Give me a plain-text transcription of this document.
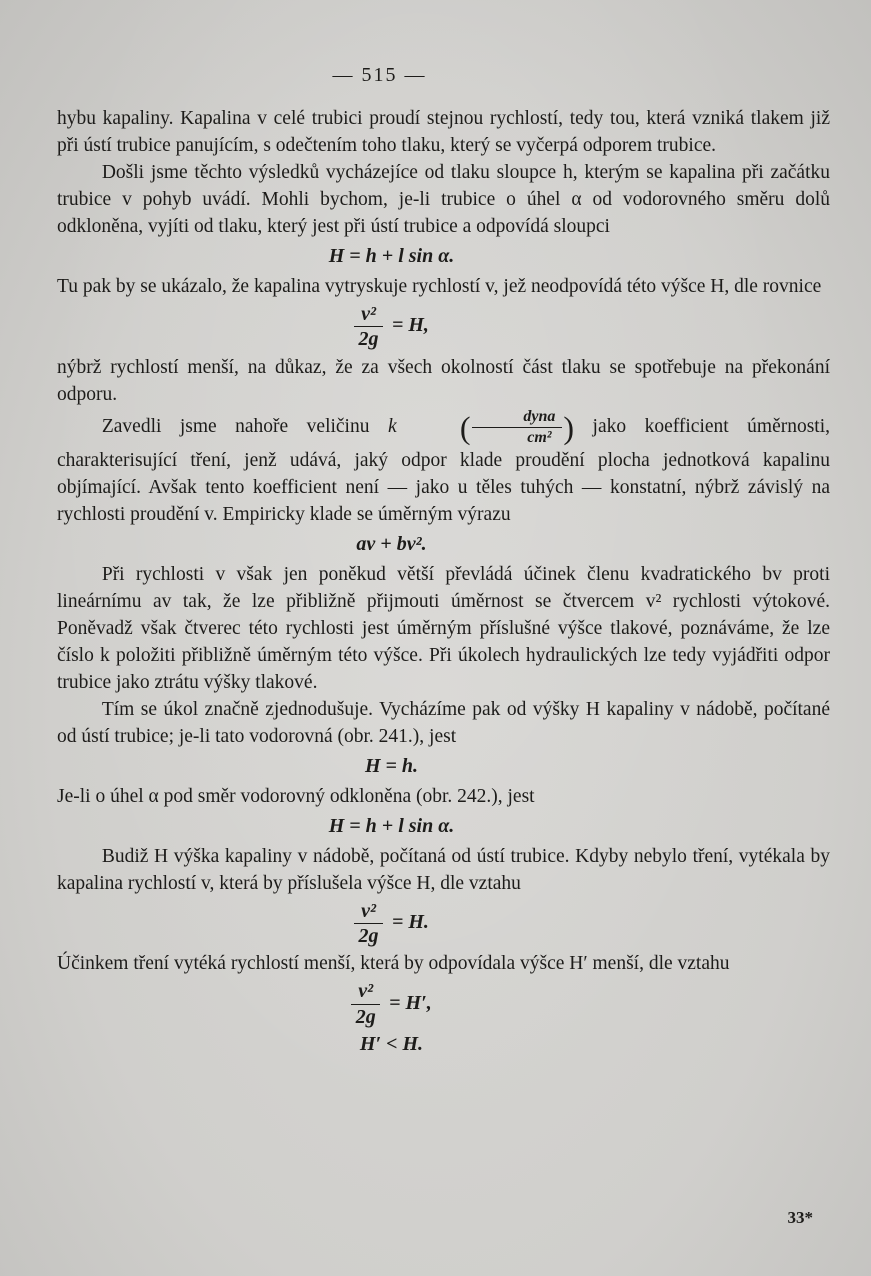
— 515 —

hybu kapaliny. Kapalina v celé trubici proudí stejnou rychlostí, tedy tou, která vzniká tlakem již při ústí trubice panujícím, s odečtením toho tlaku, který se vyčerpá odporem trubice.

Došli jsme těchto výsledků vycházejíce od tlaku sloupce h, kterým se kapalina při začátku trubice v pohyb uvádí. Mohli bychom, je-li trubice o úhel α od vodorovného směru dolů odkloněna, vyjíti od tlaku, který jest při ústí trubice a odpovídá sloupci

H = h + l sin α.

Tu pak by se ukázalo, že kapalina vytryskuje rychlostí v, jež neodpovídá této výšce H, dle rovnice

$\frac{\text{v²}}{2g} = H$,

nýbrž rychlostí menší, na důkaz, že za všech okolností část tlaku se spotřebuje na překonání odporu.

Zavedli jsme nahoře veličinu k ( $\frac{\text{dyna}}{\text{cm²}}$ ) jako koefficient úměrnosti, charakterisující tření, jenž udává, jaký odpor klade proudění plocha jednotková kapalinu objímající. Avšak tento koefficient není — jako u těles tuhých — konstatní, nýbrž závislý na rychlosti proudění v. Empiricky klade se úměrným výrazu

av + bv².

Při rychlosti v však jen poněkud větší převládá účinek členu kvadratického bv proti lineárnímu av tak, že lze přibližně přijmouti úměrnost se čtvercem v² rychlosti výtokové. Poněvadž však čtverec této rychlosti jest úměrným příslušné výšce tlakové, poznáváme, že lze číslo k položiti přibližně úměrným této výšce. Při úkolech hydraulických lze tedy vyjádřiti odpor trubice jako ztrátu výšky tlakové.

Tím se úkol značně zjednodušuje. Vycházíme pak od výšky H kapaliny v nádobě, počítané od ústí trubice; je-li tato vodorovná (obr. 241.), jest

H = h.

Je-li o úhel α pod směr vodorovný odkloněna (obr. 242.), jest

H = h + l sin α.

Budiž H výška kapaliny v nádobě, počítaná od ústí trubice. Kdyby nebylo tření, vytékala by kapalina rychlostí v, která by příslušela výšce H, dle vztahu

$\frac{\text{v²}}{2g} = H$.

Účinkem tření vytéká rychlostí menší, která by odpovídala výšce H′ menší, dle vztahu

$\frac{\text{v²}}{2g} = H'$,
H′ < H.
33*
